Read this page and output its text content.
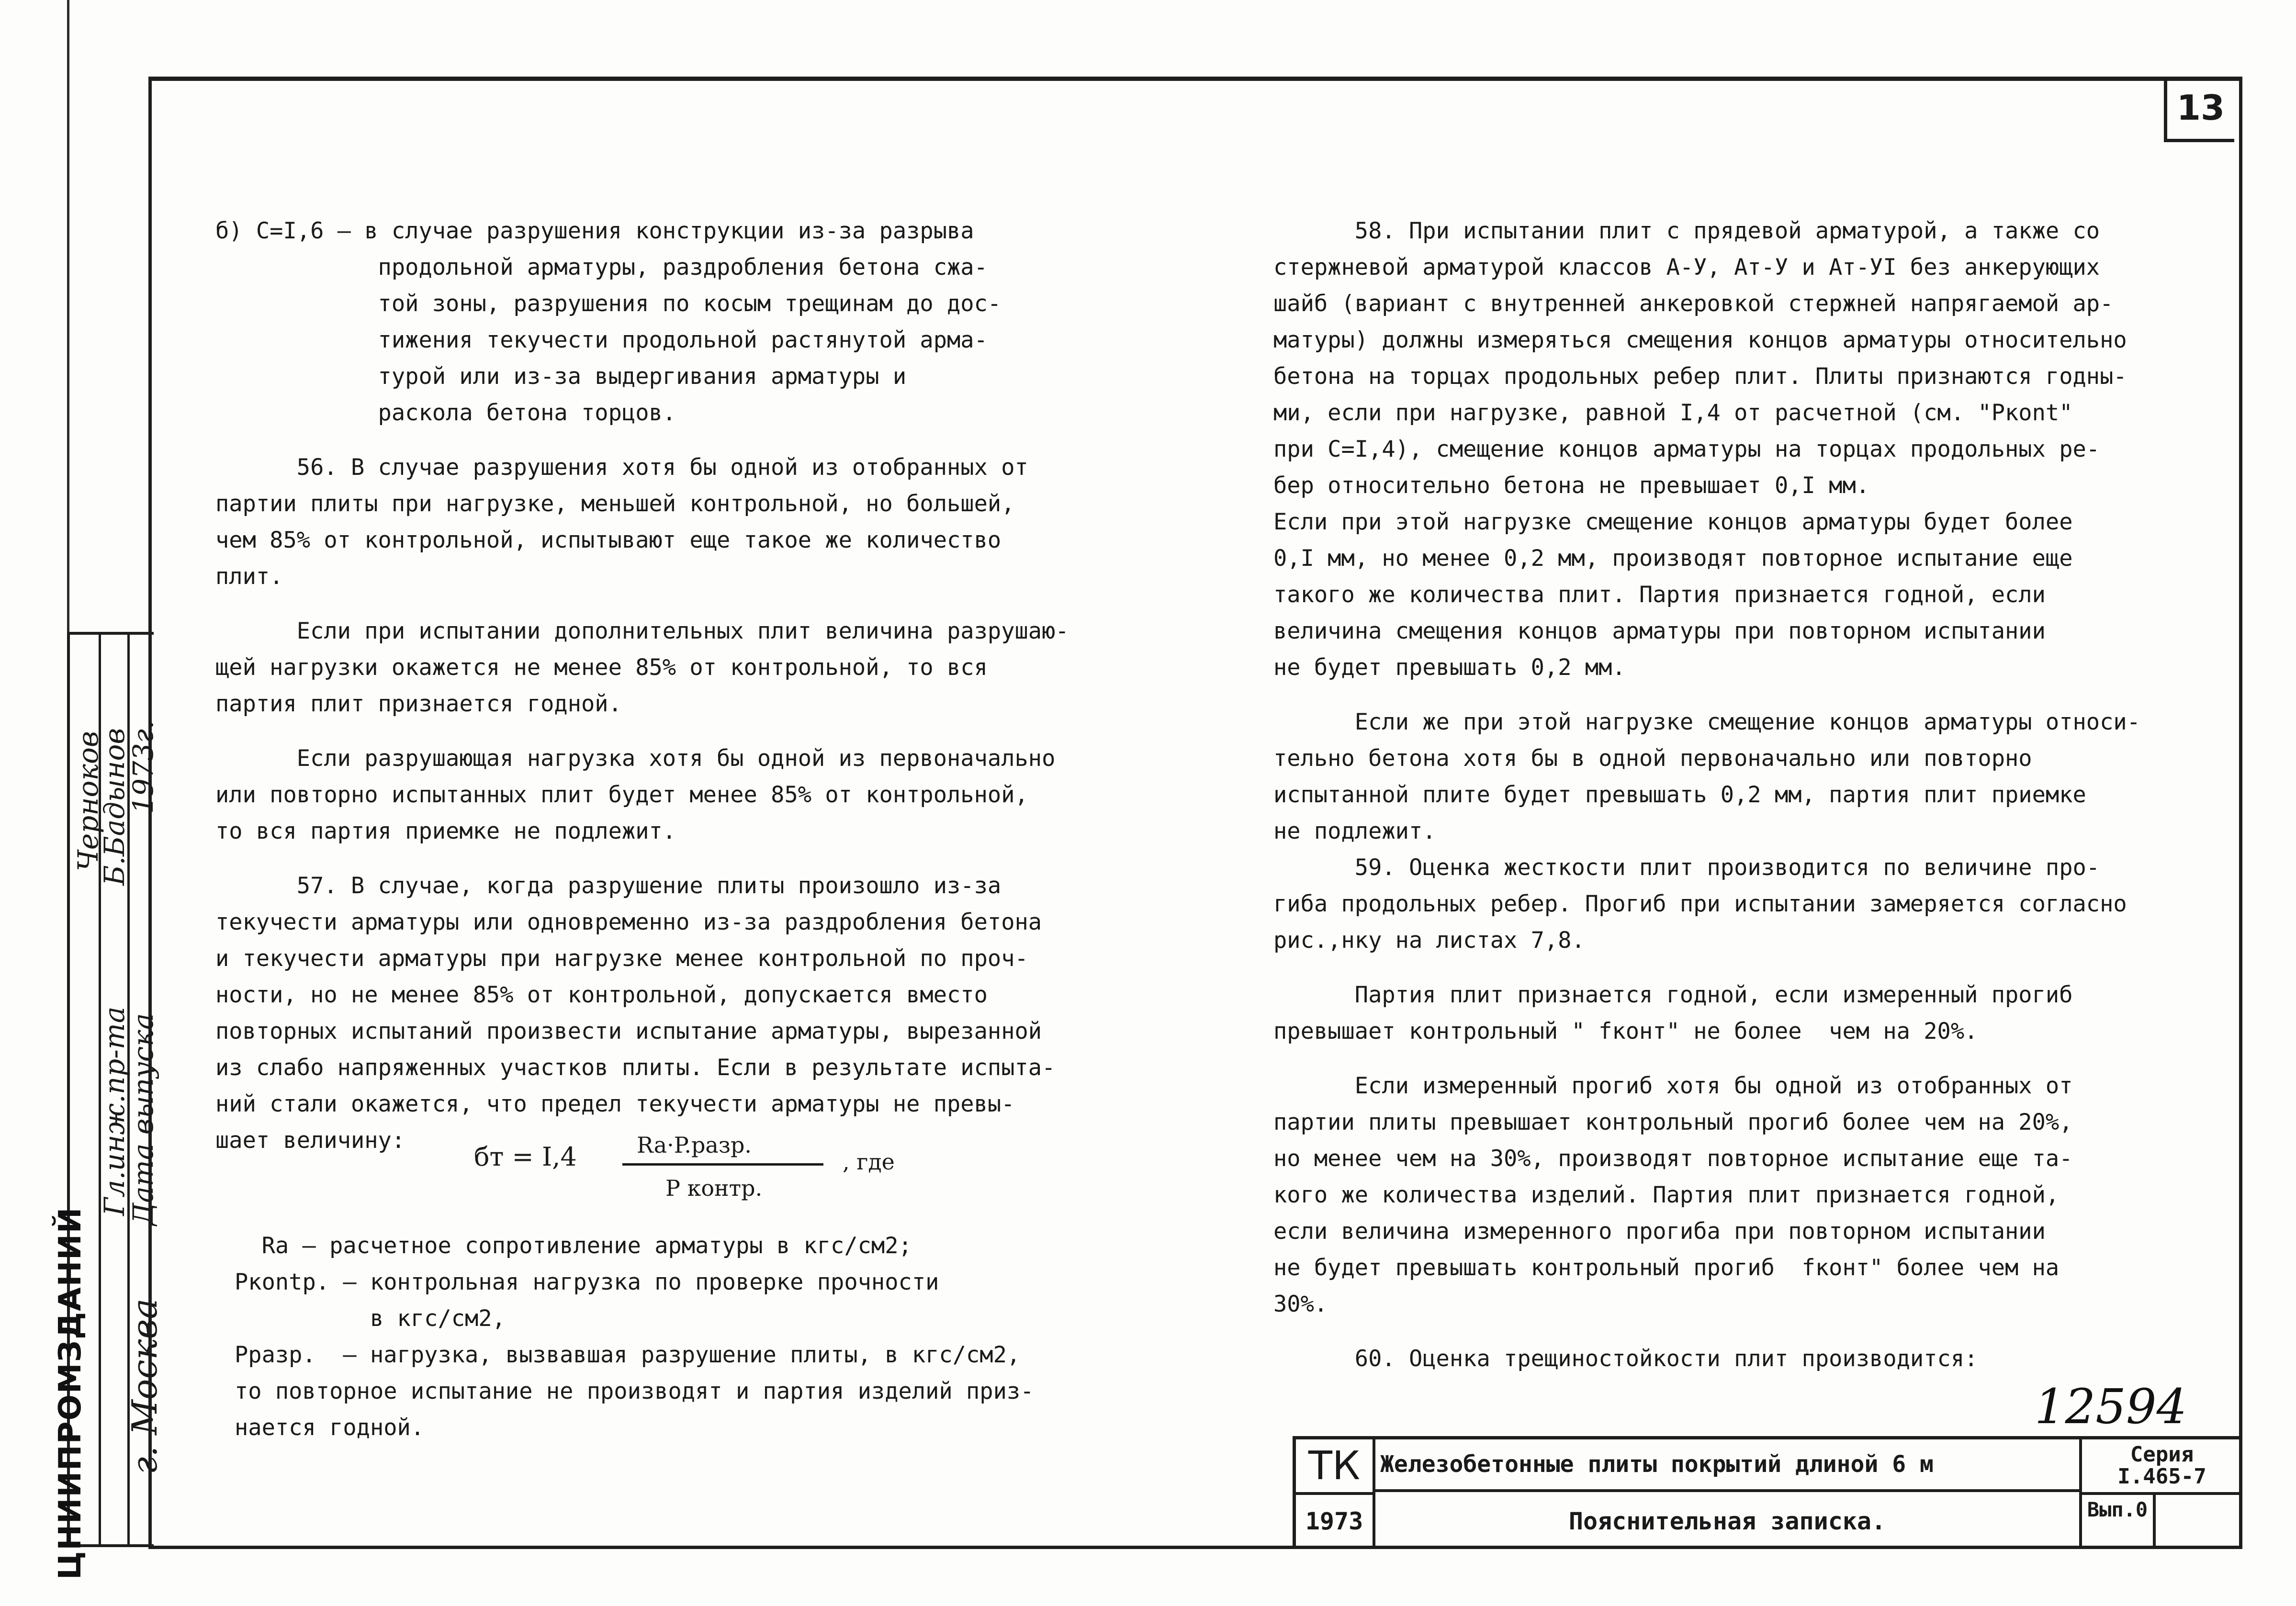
13
ЦНИИПРОМЗДАНИЙ г. Москва
Гл.инж.пр-та
Дата выпуска
Черноков
Б.Бадынов
1973г.

б) С=I,6 – в случае разрушения конструкции из-за разрыва

продольной арматуры, раздробления бетона сжа-

той зоны, разрушения по косым трещинам до дос-

тижения текучести продольной растянутой арма-

турой или из-за выдергивания арматуры и

раскола бетона торцов.

56. В случае разрушения хотя бы одной из отобранных от

партии плиты при нагрузке, меньшей контрольной, но большей,

чем 85% от контрольной, испытывают еще такое же количество

плит.

Если при испытании дополнительных плит величина разрушаю-

щей нагрузки окажется не менее 85% от контрольной, то вся

партия плит признается годной.

Если разрушающая нагрузка хотя бы одной из первоначально

или повторно испытанных плит будет менее 85% от контрольной,

то вся партия приемке не подлежит.

57. В случае, когда разрушение плиты произошло из-за

текучести арматуры или одновременно из-за раздробления бетона

и текучести арматуры при нагрузке менее контрольной по проч-

ности, но не менее 85% от контрольной, допускается вместо

повторных испытаний произвести испытание арматуры, вырезанной

из слабо напряженных участков плиты. Если в результате испыта-

ний стали окажется, что предел текучести арматуры не превы-

шает величину:

бт = I,4	Ra·P.разр.
P контр.
, где

Ra – расчетное сопротивление арматуры в кгс/см2;

Ркontр. – контрольная нагрузка по проверке прочности

в кгс/см2,

Рразр.  – нагрузка, вызвавшая разрушение плиты, в кгс/см2,

то повторное испытание не производят и партия изделий приз-

нается годной.

58. При испытании плит с прядевой арматурой, а также со

стержневой арматурой классов А-У, Ат-У и Ат-УI без анкерующих

шайб (вариант с внутренней анкеровкой стержней напрягаемой ар-

матуры) должны измеряться смещения концов арматуры относительно

бетона на торцах продольных ребер плит. Плиты признаются годны-

ми, если при нагрузке, равной I,4 от расчетной (см. "Ркont"

при С=I,4), смещение концов арматуры на торцах продольных ре-

бер относительно бетона не превышает 0,I мм.

Если при этой нагрузке смещение концов арматуры будет более

0,I мм, но менее 0,2 мм, производят повторное испытание еще

такого же количества плит. Партия признается годной, если

величина смещения концов арматуры при повторном испытании

не будет превышать 0,2 мм.

Если же при этой нагрузке смещение концов арматуры относи-

тельно бетона хотя бы в одной первоначально или повторно

испытанной плите будет превышать 0,2 мм, партия плит приемке

не подлежит.

59. Оценка жесткости плит производится по величине про-

гиба продольных ребер. Прогиб при испытании замеряется согласно

рис.,нку на листах 7,8.

Партия плит признается годной, если измеренный прогиб

превышает контрольный " fконт" не более  чем на 20%.

Если измеренный прогиб хотя бы одной из отобранных от

партии плиты превышает контрольный прогиб более чем на 20%,

но менее чем на 30%, производят повторное испытание еще та-

кого же количества изделий. Партия плит признается годной,

если величина измеренного прогиба при повторном испытании

не будет превышать контрольный прогиб  fконт" более чем на

30%.

60. Оценка трещиностойкости плит производится:

12594
ТК
1973
Железобетонные плиты покрытий длиной 6 м
Пояснительная записка.
Серия
I.465-7
Вып.0
